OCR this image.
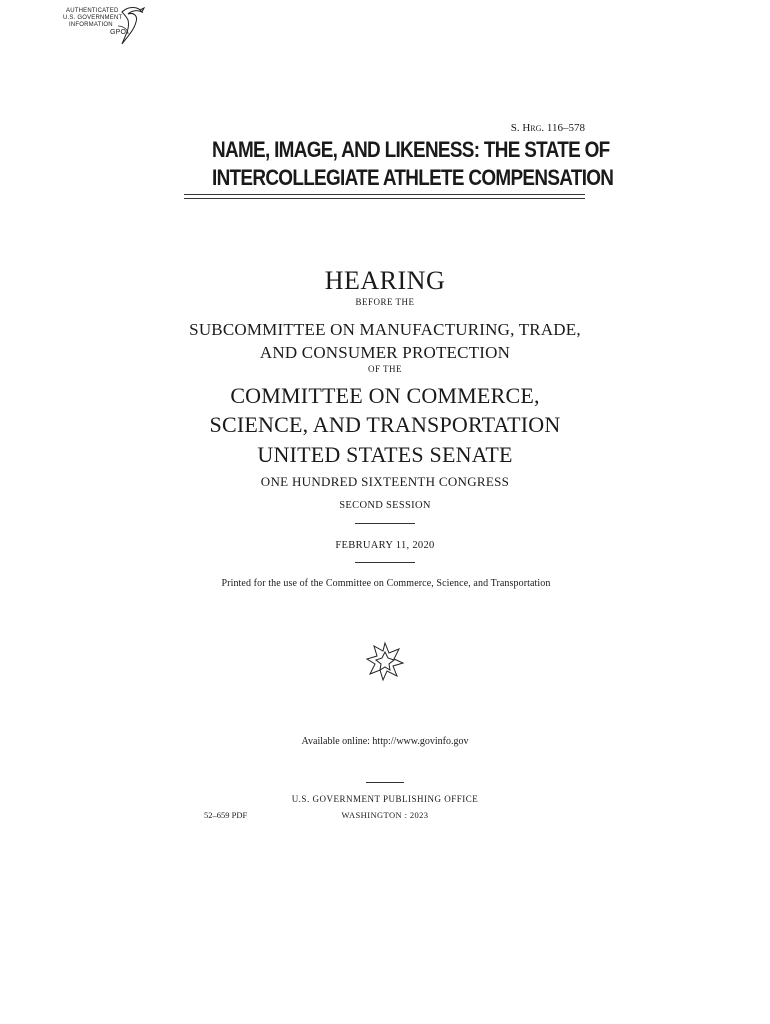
AUTHENTICATED
U.S. GOVERNMENT
INFORMATION
GPO
S. Hrg. 116–578
NAME, IMAGE, AND LIKENESS: THE STATE OF
INTERCOLLEGIATE ATHLETE COMPENSATION
HEARING
BEFORE THE
SUBCOMMITTEE ON MANUFACTURING, TRADE,
AND CONSUMER PROTECTION
OF THE
COMMITTEE ON COMMERCE,
SCIENCE, AND TRANSPORTATION
UNITED STATES SENATE
ONE HUNDRED SIXTEENTH CONGRESS
SECOND SESSION
FEBRUARY 11, 2020
Printed for the use of the Committee on Commerce, Science, and Transportation
Available online: http://www.govinfo.gov
U.S. GOVERNMENT PUBLISHING OFFICE
52–659 PDF	WASHINGTON : 2023
